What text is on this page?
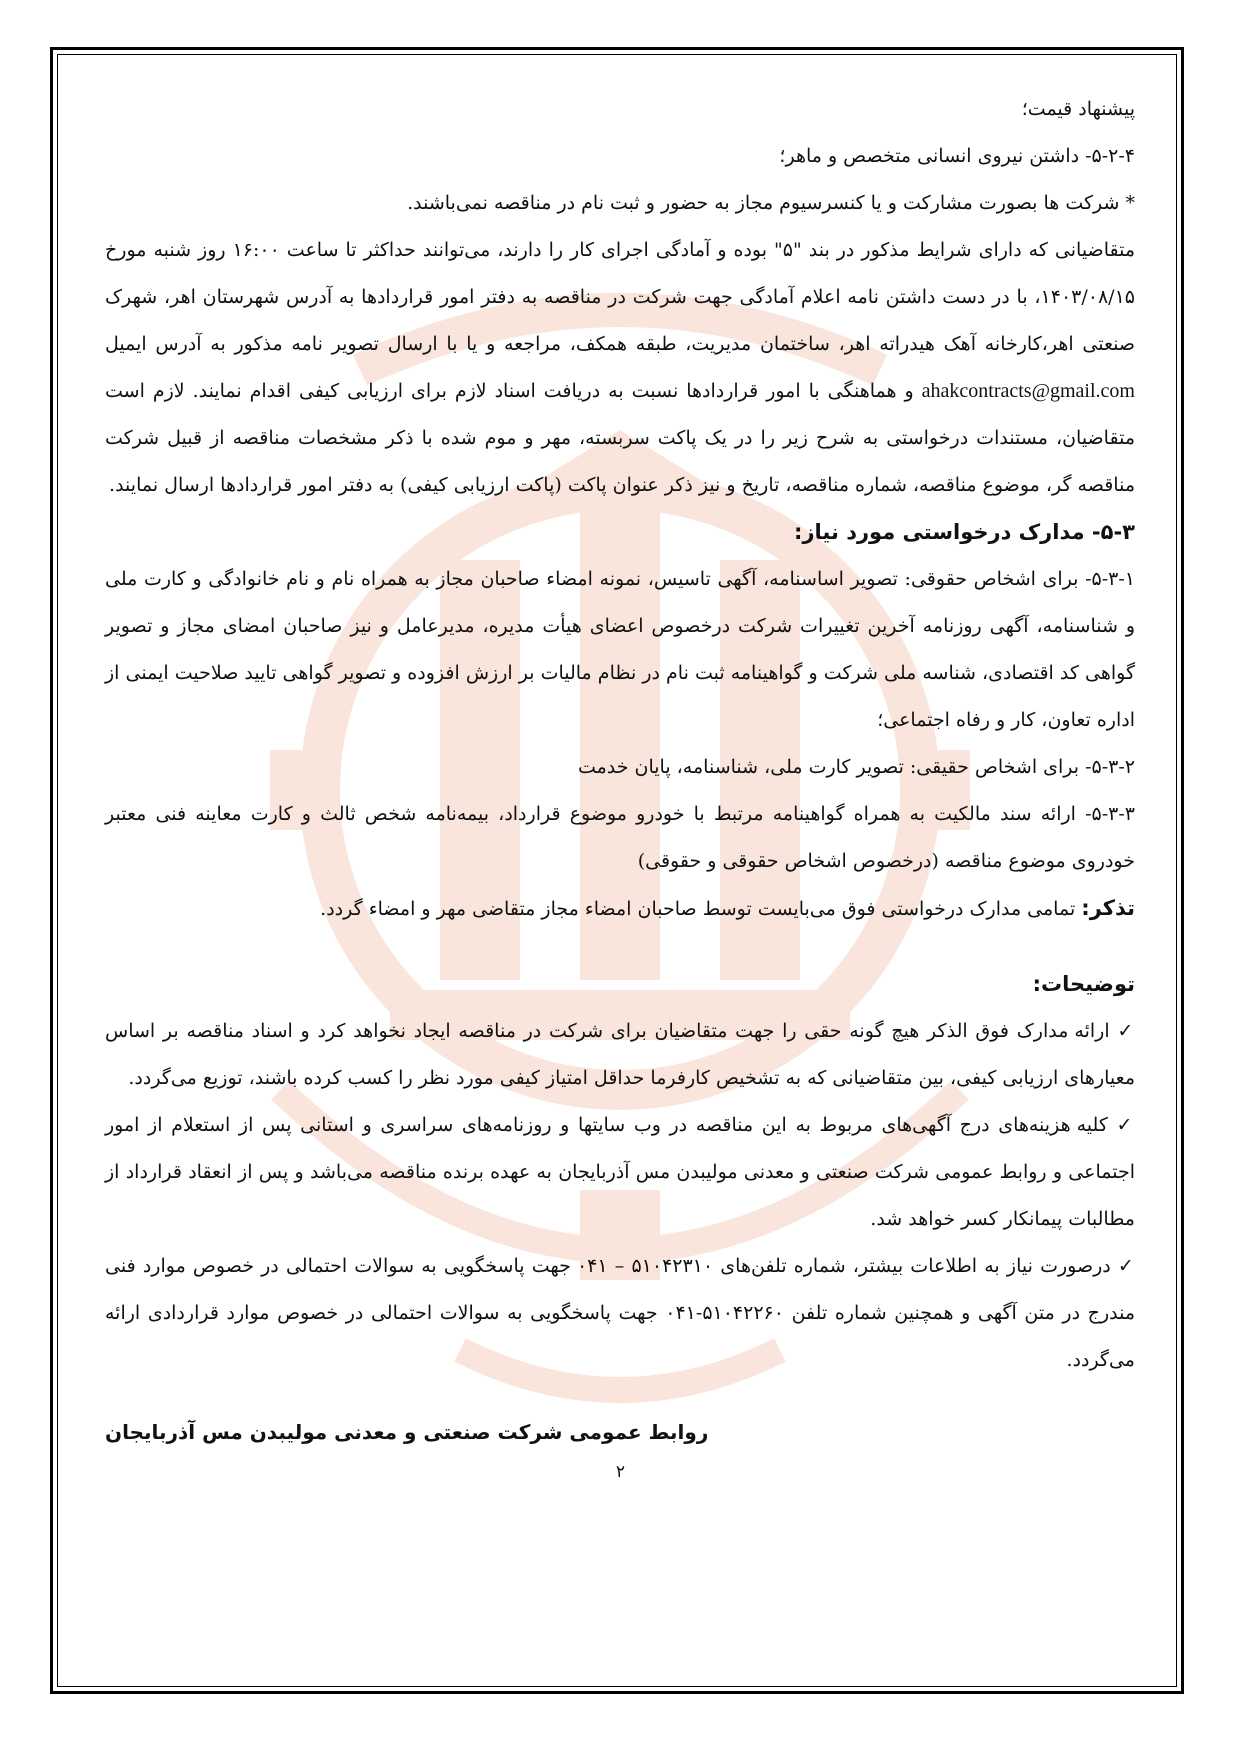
پیشنهاد قیمت؛

۵-۲-۴- داشتن نیروی انسانی متخصص و ماهر؛

* شرکت ها بصورت مشارکت و یا کنسرسیوم مجاز به حضور و ثبت نام در مناقصه نمی‌باشند.

متقاضیانی که دارای شرایط مذکور در بند "۵" بوده و آمادگی اجرای کار را دارند، می‌توانند حداکثر تا ساعت ۱۶:۰۰ روز شنبه مورخ ۱۴۰۳/۰۸/۱۵، با در دست داشتن نامه اعلام آمادگی جهت شرکت در مناقصه به دفتر امور قراردادها به آدرس شهرستان اهر، شهرک صنعتی اهر،کارخانه آهک هیدراته اهر، ساختمان مدیریت، طبقه همکف، مراجعه و یا با ارسال تصویر نامه مذکور به آدرس ایمیل ahakcontracts@gmail.com و هماهنگی با امور قراردادها نسبت به دریافت اسناد لازم برای ارزیابی کیفی اقدام نمایند. لازم است متقاضیان، مستندات درخواستی به شرح زیر را در یک پاکت سربسته، مهر و موم شده با ذکر مشخصات مناقصه از قبیل شرکت مناقصه گر، موضوع مناقصه، شماره مناقصه، تاریخ و نیز ذکر عنوان پاکت (پاکت ارزیابی کیفی) به دفتر امور قراردادها ارسال نمایند.

۵-۳- مدارک درخواستی مورد نیاز:

۵-۳-۱- برای اشخاص حقوقی: تصویر اساسنامه، آگهی تاسیس، نمونه امضاء صاحبان مجاز به همراه نام و نام خانوادگی و کارت ملی و شناسنامه، آگهی روزنامه آخرین تغییرات شرکت درخصوص اعضای هیأت مدیره، مدیرعامل و نیز صاحبان امضای مجاز و تصویر گواهی کد اقتصادی، شناسه ملی شرکت و گواهینامه ثبت نام در نظام مالیات بر ارزش افزوده و تصویر گواهی تایید صلاحیت ایمنی از اداره تعاون، کار و رفاه اجتماعی؛

۵-۳-۲- برای اشخاص حقیقی: تصویر کارت ملی، شناسنامه، پایان خدمت

۵-۳-۳- ارائه سند مالکیت به همراه گواهینامه مرتبط با خودرو موضوع قرارداد، بیمه‌نامه شخص ثالث و کارت معاینه فنی معتبر خودروی موضوع مناقصه (درخصوص اشخاص حقوقی و حقوقی)

تذکر: تمامی مدارک درخواستی فوق می‌بایست توسط صاحبان امضاء مجاز متقاضی مهر و امضاء گردد.

توضیحات:

✓ ارائه مدارک فوق الذکر هیچ گونه حقی را جهت متقاضیان برای شرکت در مناقصه ایجاد نخواهد کرد و اسناد مناقصه بر اساس معیارهای ارزیابی کیفی، بین متقاضیانی که به تشخیص کارفرما حداقل امتیاز کیفی مورد نظر را کسب کرده باشند، توزیع می‌گردد.

✓ کلیه هزینه‌های درج آگهی‌های مربوط به این مناقصه در وب سایتها و روزنامه‌های سراسری و استانی پس از استعلام از امور اجتماعی و روابط عمومی شرکت صنعتی و معدنی مولیبدن مس آذربایجان به عهده برنده مناقصه می‌باشد و پس از انعقاد قرارداد از مطالبات پیمانکار کسر خواهد شد.

✓ درصورت نیاز به اطلاعات بیشتر، شماره تلفن‌های ۵۱۰۴۲۳۱۰ – ۰۴۱ جهت پاسخگویی به سوالات احتمالی در خصوص موارد فنی مندرج در متن آگهی و همچنین شماره تلفن ۵۱۰۴۲۲۶۰-۰۴۱ جهت پاسخگویی به سوالات احتمالی در خصوص موارد قراردادی ارائه می‌گردد.

روابط عمومی شرکت صنعتی و معدنی مولیبدن مس آذربایجان
۲
